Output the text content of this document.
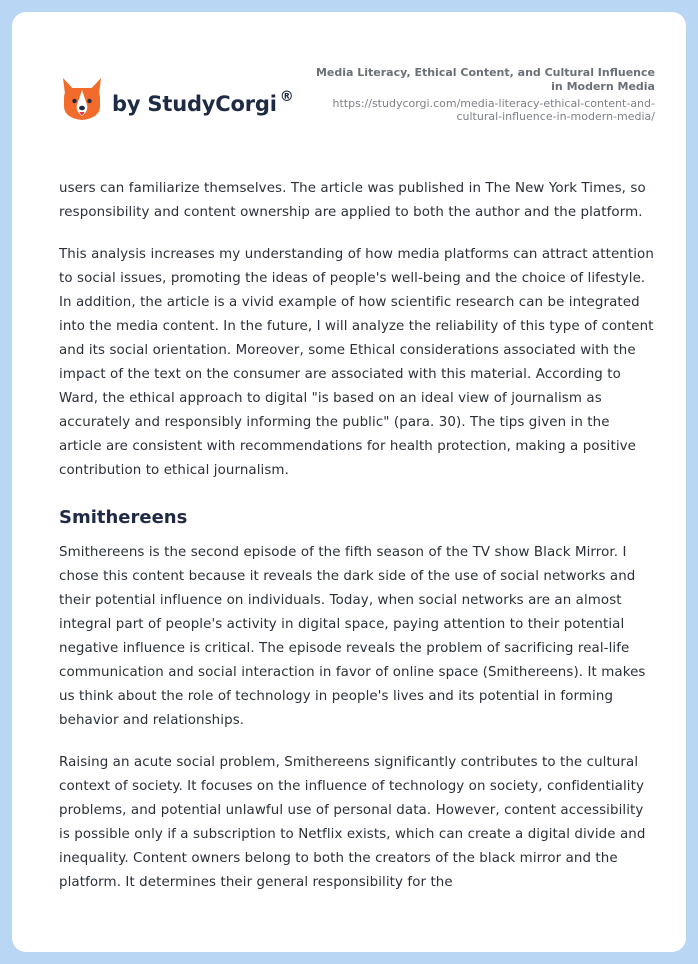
by StudyCorgi ®
Media Literacy, Ethical Content, and Cultural Influence in Modern Media
https://studycorgi.com/media-literacy-ethical-content-and-cultural-influence-in-modern-media/

users can familiarize themselves. The article was published in The New York Times, so responsibility and content ownership are applied to both the author and the platform.

This analysis increases my understanding of how media platforms can attract attention to social issues, promoting the ideas of people's well-being and the choice of lifestyle. In addition, the article is a vivid example of how scientific research can be integrated into the media content. In the future, I will analyze the reliability of this type of content and its social orientation. Moreover, some Ethical considerations associated with the impact of the text on the consumer are associated with this material. According to Ward, the ethical approach to digital "is based on an ideal view of journalism as accurately and responsibly informing the public" (para. 30). The tips given in the article are consistent with recommendations for health protection, making a positive contribution to ethical journalism.

Smithereens

Smithereens is the second episode of the fifth season of the TV show Black Mirror. I chose this content because it reveals the dark side of the use of social networks and their potential influence on individuals. Today, when social networks are an almost integral part of people's activity in digital space, paying attention to their potential negative influence is critical. The episode reveals the problem of sacrificing real-life communication and social interaction in favor of online space (Smithereens). It makes us think about the role of technology in people's lives and its potential in forming behavior and relationships.

Raising an acute social problem, Smithereens significantly contributes to the cultural context of society. It focuses on the influence of technology on society, confidentiality problems, and potential unlawful use of personal data. However, content accessibility is possible only if a subscription to Netflix exists, which can create a digital divide and inequality. Content owners belong to both the creators of the black mirror and the platform. It determines their general responsibility for the
